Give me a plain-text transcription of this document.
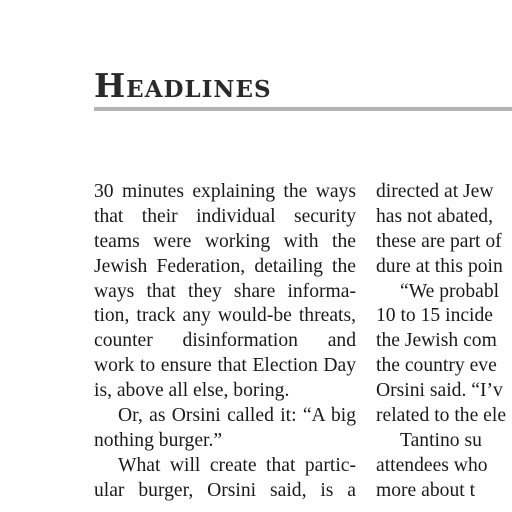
Headlines
30 minutes explaining the ways
that their individual security
teams were working with the
Jewish Federation, detailing the
ways that they share informa-
tion, track any would-be threats,
counter disinformation and
work to ensure that Election Day
is, above all else, boring.
Or, as Orsini called it: “A big
nothing burger.”
What will create that partic-
ular burger, Orsini said, is a
directed at Jew
has not abated,
these are part of
dure at this poin
“We probabl
10 to 15 incide
the Jewish com
the country eve
Orsini said. “I’v
related to the ele
Tantino su
attendees who
more about t
